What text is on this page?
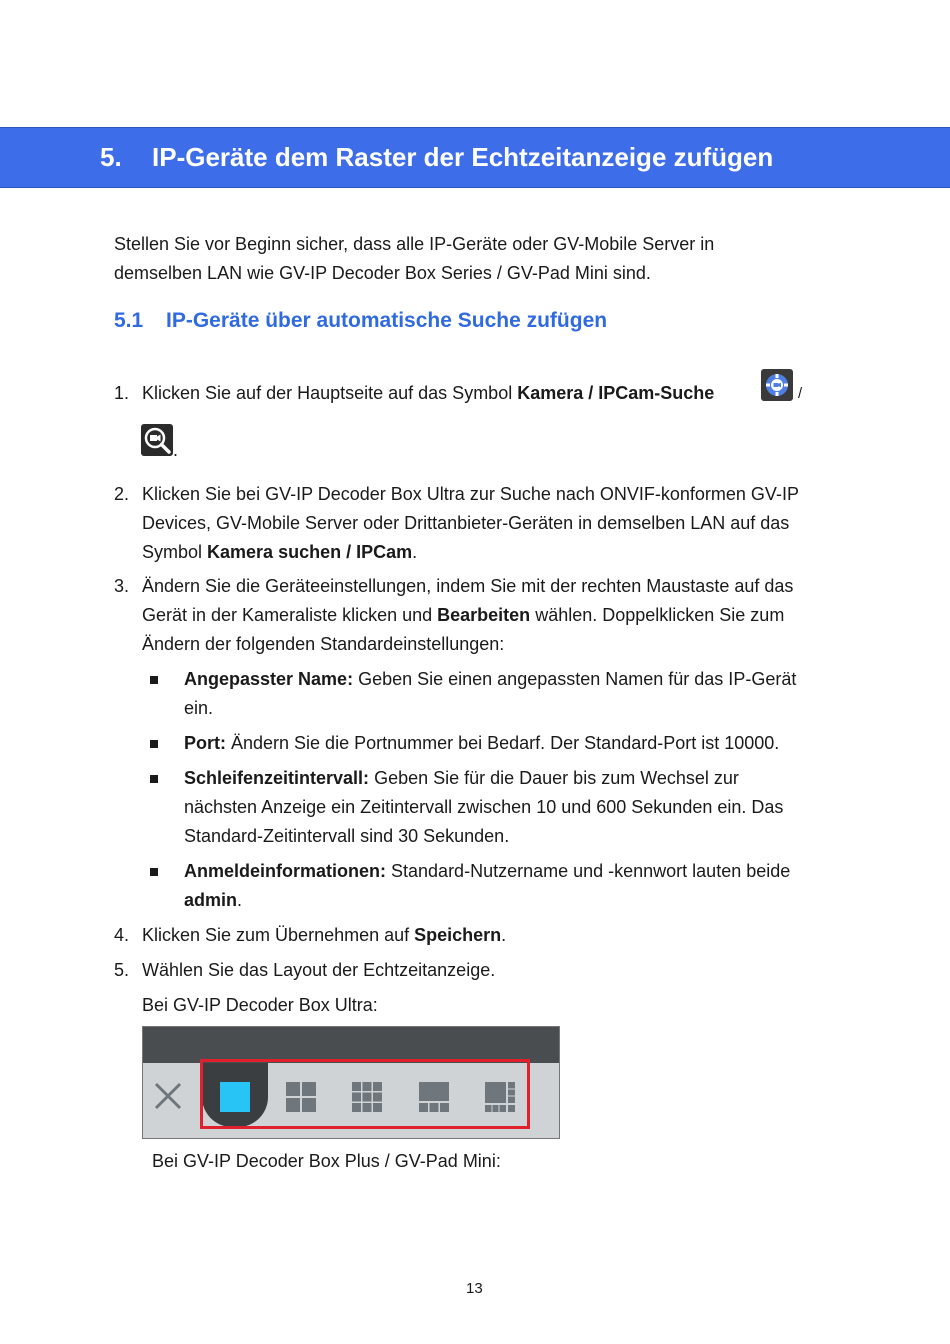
5. IP-Geräte dem Raster der Echtzeitanzeige zufügen
Stellen Sie vor Beginn sicher, dass alle IP-Geräte oder GV-Mobile Server in
demselben LAN wie GV-IP Decoder Box Series / GV-Pad Mini sind.
5.1 IP-Geräte über automatische Suche zufügen
1. Klicken Sie auf der Hauptseite auf das Symbol Kamera / IPCam-Suche	/
.
2. Klicken Sie bei GV-IP Decoder Box Ultra zur Suche nach ONVIF-konformen GV-IP
Devices, GV-Mobile Server oder Drittanbieter-Geräten in demselben LAN auf das
Symbol Kamera suchen / IPCam.
3. Ändern Sie die Geräteeinstellungen, indem Sie mit der rechten Maustaste auf das
Gerät in der Kameraliste klicken und Bearbeiten wählen. Doppelklicken Sie zum
Ändern der folgenden Standardeinstellungen:
Angepasster Name: Geben Sie einen angepassten Namen für das IP-Gerät
ein.
Port: Ändern Sie die Portnummer bei Bedarf. Der Standard-Port ist 10000.
Schleifenzeitintervall: Geben Sie für die Dauer bis zum Wechsel zur
nächsten Anzeige ein Zeitintervall zwischen 10 und 600 Sekunden ein. Das
Standard-Zeitintervall sind 30 Sekunden.
Anmeldeinformationen: Standard-Nutzername und -kennwort lauten beide
admin.
4. Klicken Sie zum Übernehmen auf Speichern.
5. Wählen Sie das Layout der Echtzeitanzeige.
Bei GV-IP Decoder Box Ultra:
Bei GV-IP Decoder Box Plus / GV-Pad Mini:
13
